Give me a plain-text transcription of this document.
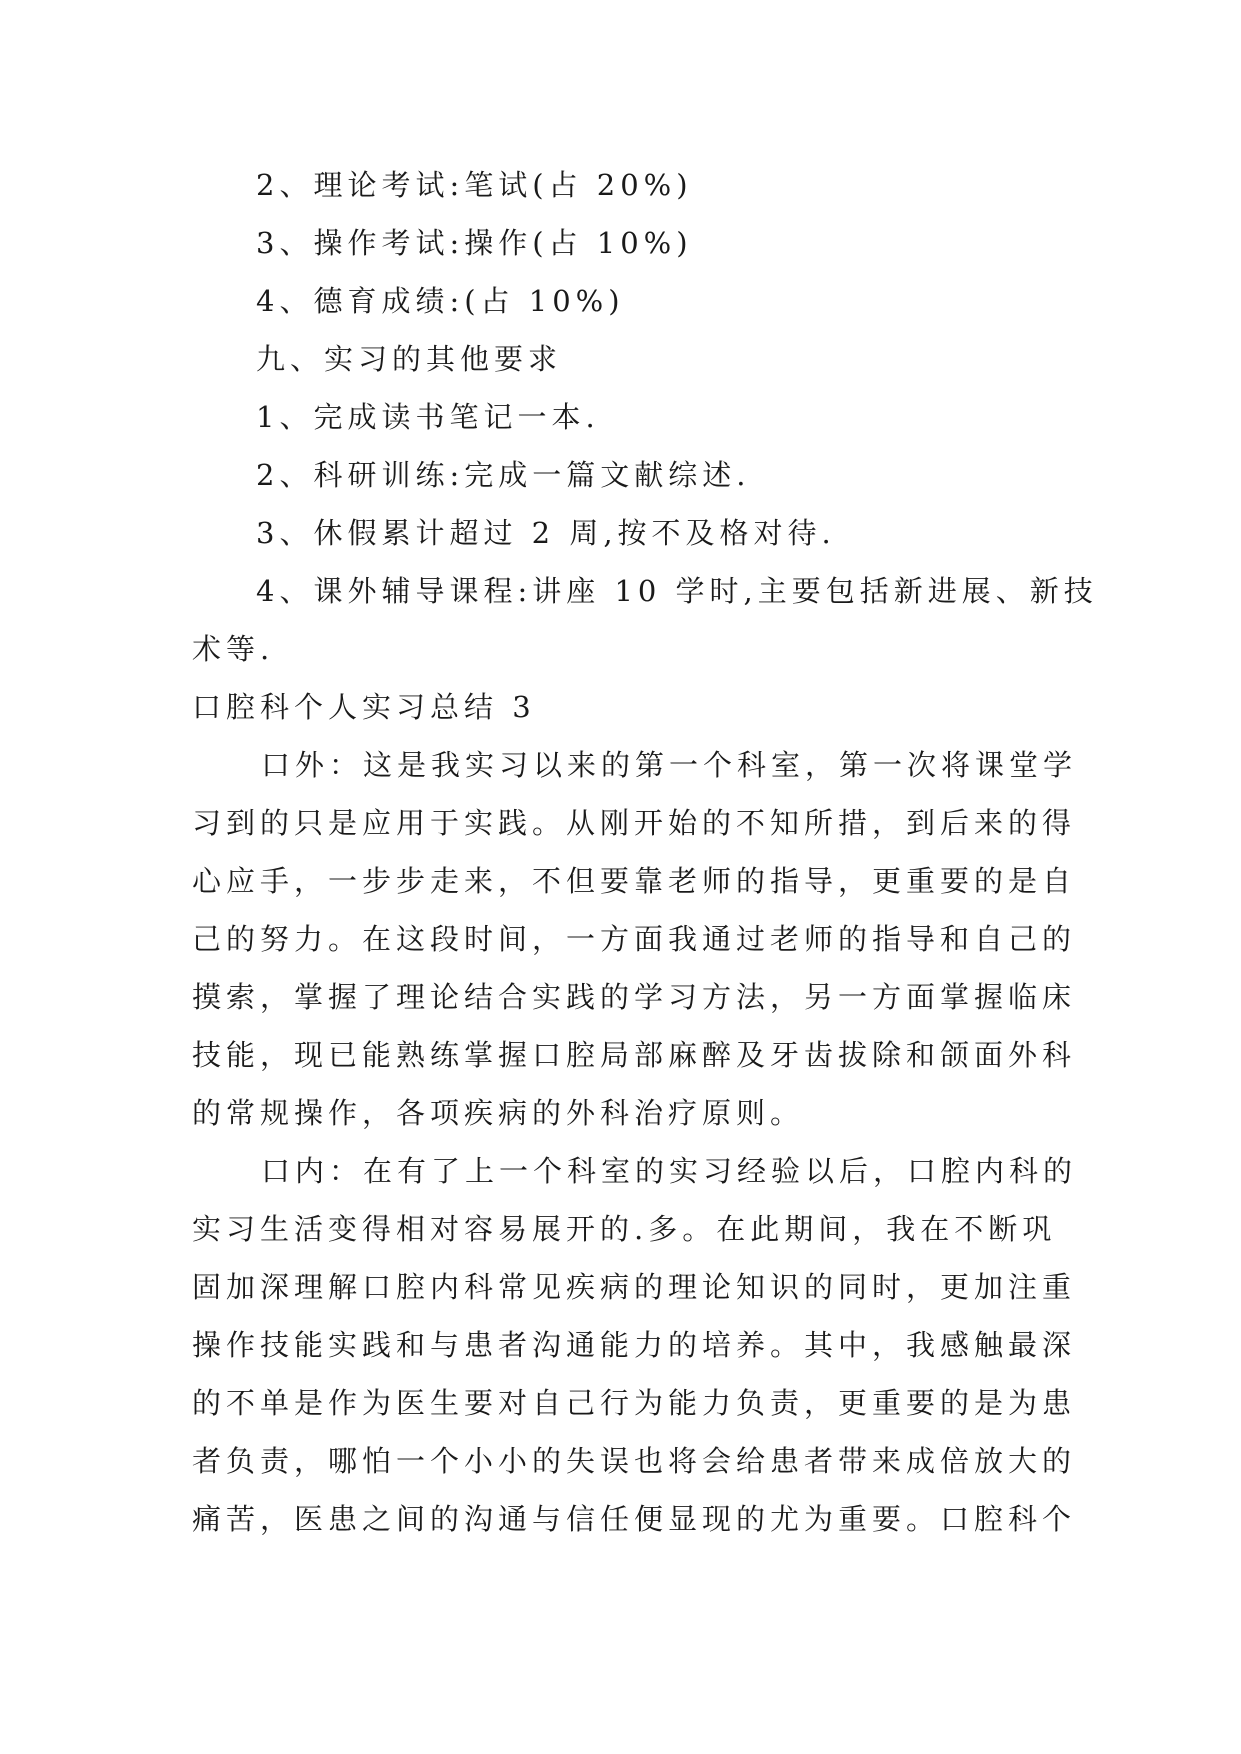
2、理论考试:笔试(占 20%)
3、操作考试:操作(占 10%)
4、德育成绩:(占 10%)
九、实习的其他要求
1、完成读书笔记一本.
2、科研训练:完成一篇文献综述.
3、休假累计超过 2 周,按不及格对待.
4、课外辅导课程:讲座 10 学时,主要包括新进展、新技
术等.
口腔科个人实习总结 3
口外：这是我实习以来的第一个科室，第一次将课堂学
习到的只是应用于实践。从刚开始的不知所措，到后来的得
心应手，一步步走来，不但要靠老师的指导，更重要的是自
己的努力。在这段时间，一方面我通过老师的指导和自己的
摸索，掌握了理论结合实践的学习方法，另一方面掌握临床
技能，现已能熟练掌握口腔局部麻醉及牙齿拔除和颌面外科
的常规操作，各项疾病的外科治疗原则。
口内：在有了上一个科室的实习经验以后，口腔内科的
实习生活变得相对容易展开的.多。在此期间，我在不断巩
固加深理解口腔内科常见疾病的理论知识的同时，更加注重
操作技能实践和与患者沟通能力的培养。其中，我感触最深
的不单是作为医生要对自己行为能力负责，更重要的是为患
者负责，哪怕一个小小的失误也将会给患者带来成倍放大的
痛苦，医患之间的沟通与信任便显现的尤为重要。口腔科个
